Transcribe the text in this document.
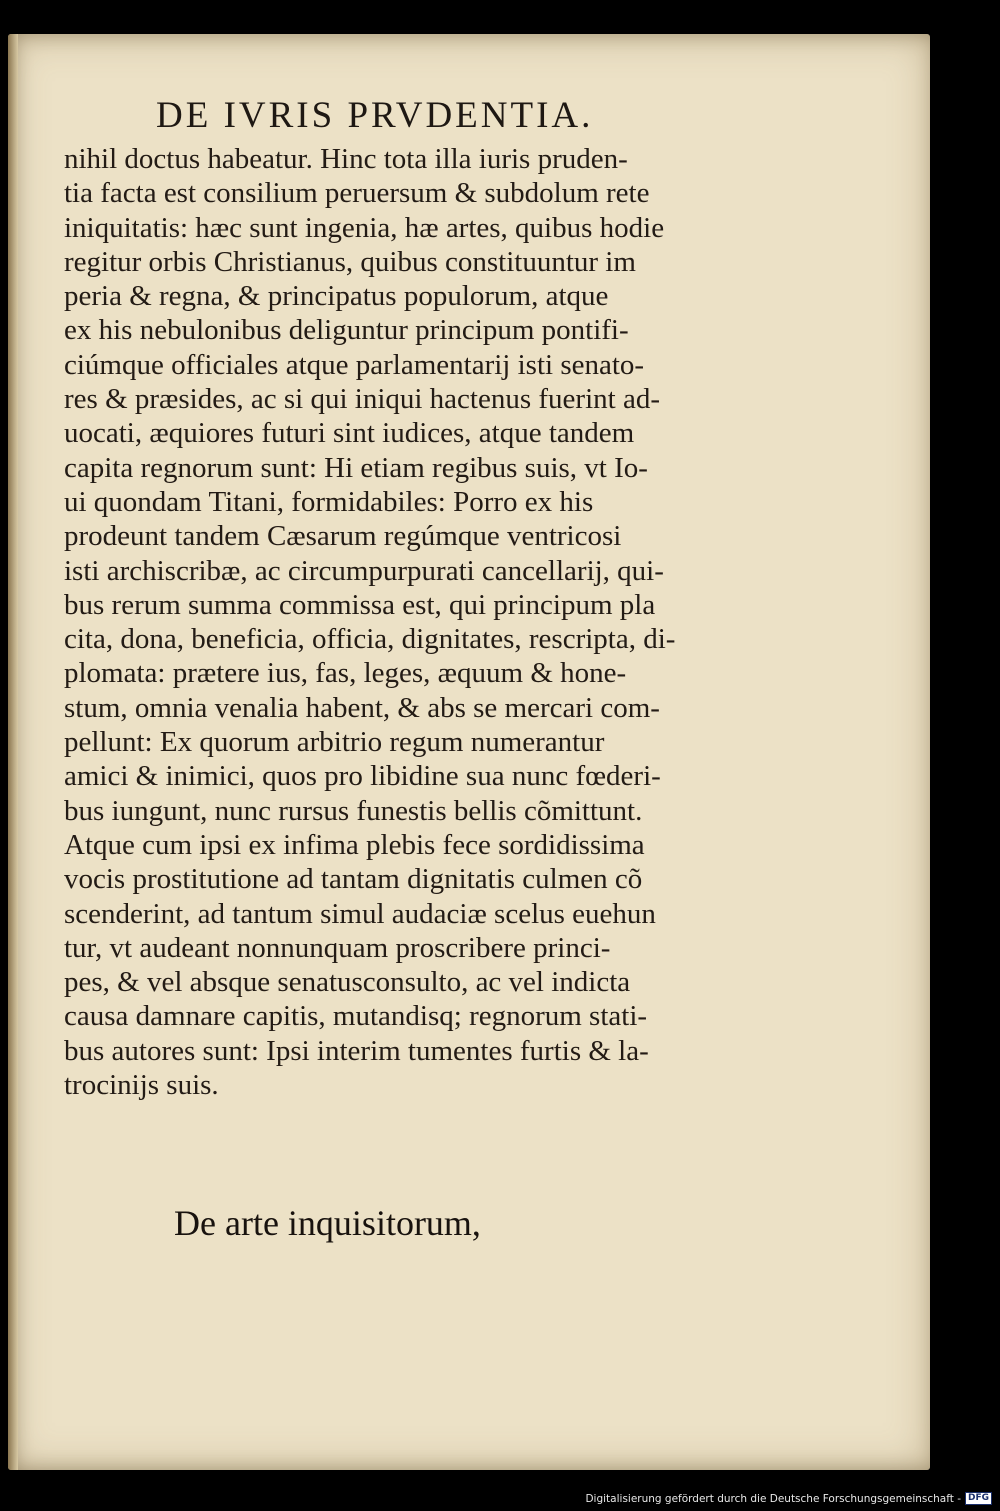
DE IVRIS PRVDENTIA.
nihil doctus habeatur. Hinc tota illa iuris pruden-
tia facta est consilium peruersum & subdolum rete
iniquitatis: hæc sunt ingenia, hæ artes, quibus hodie
regitur orbis Christianus, quibus constituuntur im
peria & regna, & principatus populorum, atque
ex his nebulonibus deliguntur principum pontifi-
ciúmque officiales atque parlamentarij isti senato-
res & præsides, ac si qui iniqui hactenus fuerint ad-
uocati, æquiores futuri sint iudices, atque tandem
capita regnorum sunt: Hi etiam regibus suis, vt Io-
ui quondam Titani, formidabiles: Porro ex his
prodeunt tandem Cæsarum regúmque ventricosi
isti archiscribæ, ac circumpurpurati cancellarij, qui-
bus rerum summa commissa est, qui principum pla
cita, dona, beneficia, officia, dignitates, rescripta, di-
plomata: prætere ius, fas, leges, æquum & hone-
stum, omnia venalia habent, & abs se mercari com-
pellunt: Ex quorum arbitrio regum numerantur
amici & inimici, quos pro libidine sua nunc fœderi-
bus iungunt, nunc rursus funestis bellis cõmittunt.
Atque cum ipsi ex infima plebis fece sordidissima
vocis prostitutione ad tantam dignitatis culmen cõ
scenderint, ad tantum simul audaciæ scelus euehun
tur, vt audeant nonnunquam proscribere princi-
pes, & vel absque senatusconsulto, ac vel indicta
causa damnare capitis, mutandisq; regnorum stati-
bus autores sunt: Ipsi interim tumentes furtis & la-
trocinijs suis.
De arte inquisitorum,
Digitalisierung gefördert durch die Deutsche Forschungsgemeinschaft - DFG
